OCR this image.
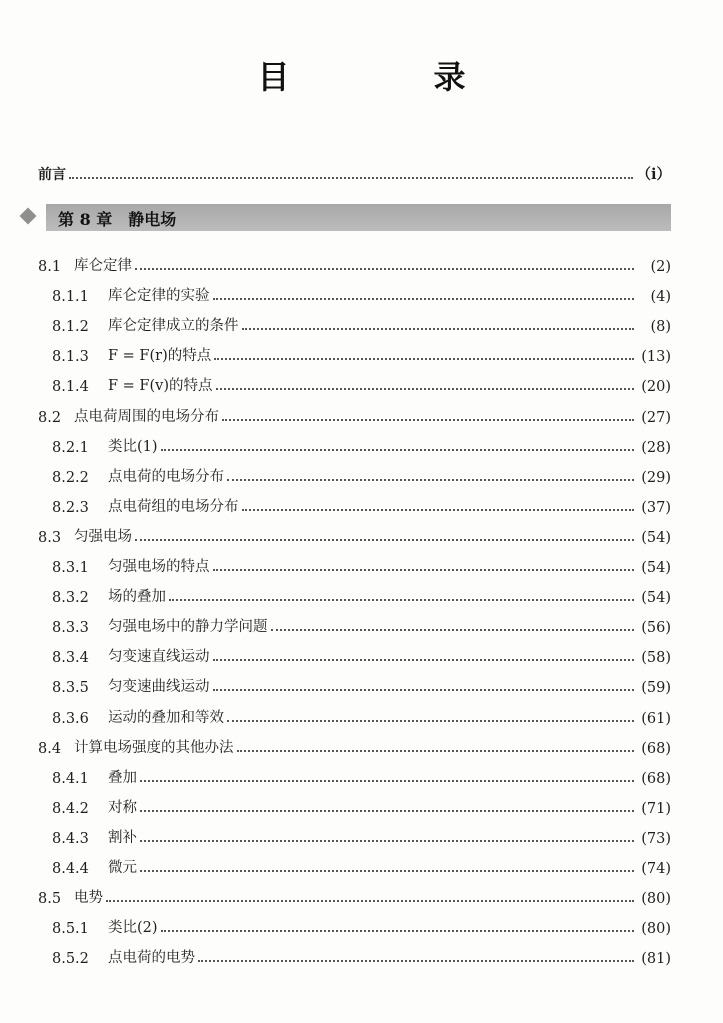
目　录
前言	（ⅰ）
第 8 章 静电场
8.1 库仑定律	(2)
8.1.1	库仑定律的实验	(4)
8.1.2	库仑定律成立的条件	(8)
8.1.3	F = F(r)的特点	(13)
8.1.4	F = F(v)的特点	(20)
8.2 点电荷周围的电场分布	(27)
8.2.1	类比(1)	(28)
8.2.2	点电荷的电场分布	(29)
8.2.3	点电荷组的电场分布	(37)
8.3 匀强电场	(54)
8.3.1	匀强电场的特点	(54)
8.3.2	场的叠加	(54)
8.3.3	匀强电场中的静力学问题	(56)
8.3.4	匀变速直线运动	(58)
8.3.5	匀变速曲线运动	(59)
8.3.6	运动的叠加和等效	(61)
8.4 计算电场强度的其他办法	(68)
8.4.1	叠加	(68)
8.4.2	对称	(71)
8.4.3	割补	(73)
8.4.4	微元	(74)
8.5 电势	(80)
8.5.1	类比(2)	(80)
8.5.2	点电荷的电势	(81)
